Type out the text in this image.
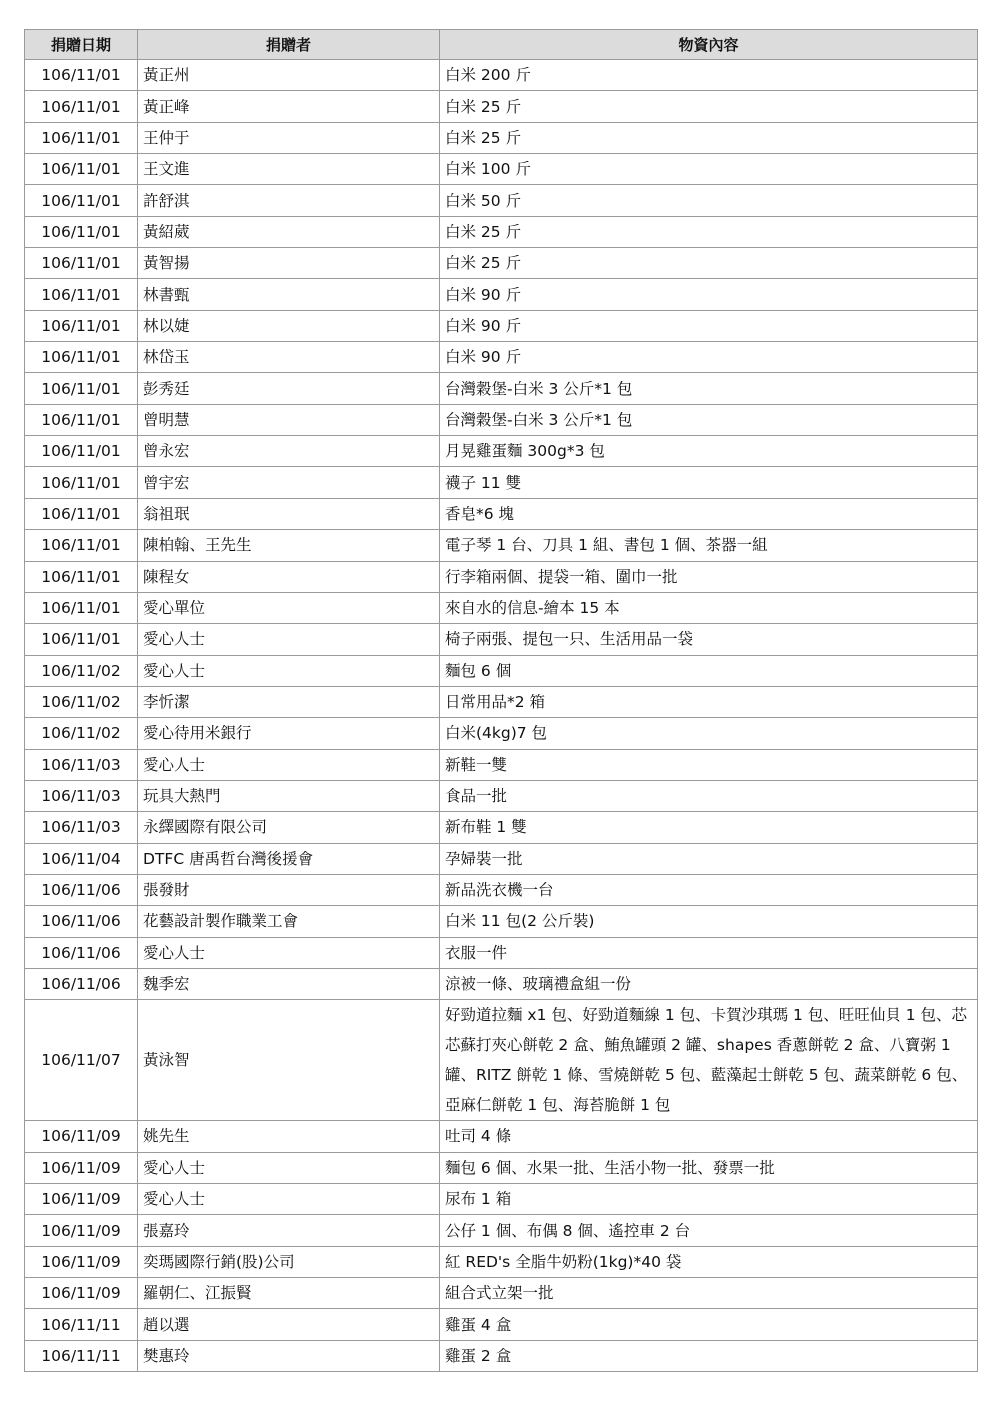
捐贈日期	捐贈者	物資內容
106/11/01	黃正州	白米 200 斤
106/11/01	黃正峰	白米 25 斤
106/11/01	王仲于	白米 25 斤
106/11/01	王文進	白米 100 斤
106/11/01	許舒淇	白米 50 斤
106/11/01	黃紹葳	白米 25 斤
106/11/01	黃智揚	白米 25 斤
106/11/01	林書甄	白米 90 斤
106/11/01	林以婕	白米 90 斤
106/11/01	林岱玉	白米 90 斤
106/11/01	彭秀廷	台灣穀堡-白米 3 公斤*1 包
106/11/01	曾明慧	台灣穀堡-白米 3 公斤*1 包
106/11/01	曾永宏	月晃雞蛋麵 300g*3 包
106/11/01	曾宇宏	襪子 11 雙
106/11/01	翁祖珉	香皂*6 塊
106/11/01	陳柏翰、王先生	電子琴 1 台、刀具 1 組、書包 1 個、茶器一組
106/11/01	陳程女	行李箱兩個、提袋一箱、圍巾一批
106/11/01	愛心單位	來自水的信息-繪本 15 本
106/11/01	愛心人士	椅子兩張、提包一只、生活用品一袋
106/11/02	愛心人士	麵包 6 個
106/11/02	李忻潔	日常用品*2 箱
106/11/02	愛心待用米銀行	白米(4kg)7 包
106/11/03	愛心人士	新鞋一雙
106/11/03	玩具大熱門	食品一批
106/11/03	永繹國際有限公司	新布鞋 1 雙
106/11/04	DTFC 唐禹哲台灣後援會	孕婦裝一批
106/11/06	張發財	新品洗衣機一台
106/11/06	花藝設計製作職業工會	白米 11 包(2 公斤裝)
106/11/06	愛心人士	衣服一件
106/11/06	魏季宏	涼被一條、玻璃禮盒組一份
106/11/07	黃泳智	好勁道拉麵 x1 包、好勁道麵線 1 包、卡賀沙琪瑪 1 包、旺旺仙貝 1 包、芯芯蘇打夾心餅乾 2 盒、鮪魚罐頭 2 罐、shapes 香蔥餅乾 2 盒、八寶粥 1 罐、RITZ 餅乾 1 條、雪燒餅乾 5 包、藍藻起士餅乾 5 包、蔬菜餅乾 6 包、亞麻仁餅乾 1 包、海苔脆餅 1 包
106/11/09	姚先生	吐司 4 條
106/11/09	愛心人士	麵包 6 個、水果一批、生活小物一批、發票一批
106/11/09	愛心人士	尿布 1 箱
106/11/09	張嘉玲	公仔 1 個、布偶 8 個、遙控車 2 台
106/11/09	奕瑪國際行銷(股)公司	紅 RED's 全脂牛奶粉(1kg)*40 袋
106/11/09	羅朝仁、江振賢	組合式立架一批
106/11/11	趙以選	雞蛋 4 盒
106/11/11	樊惠玲	雞蛋 2 盒
